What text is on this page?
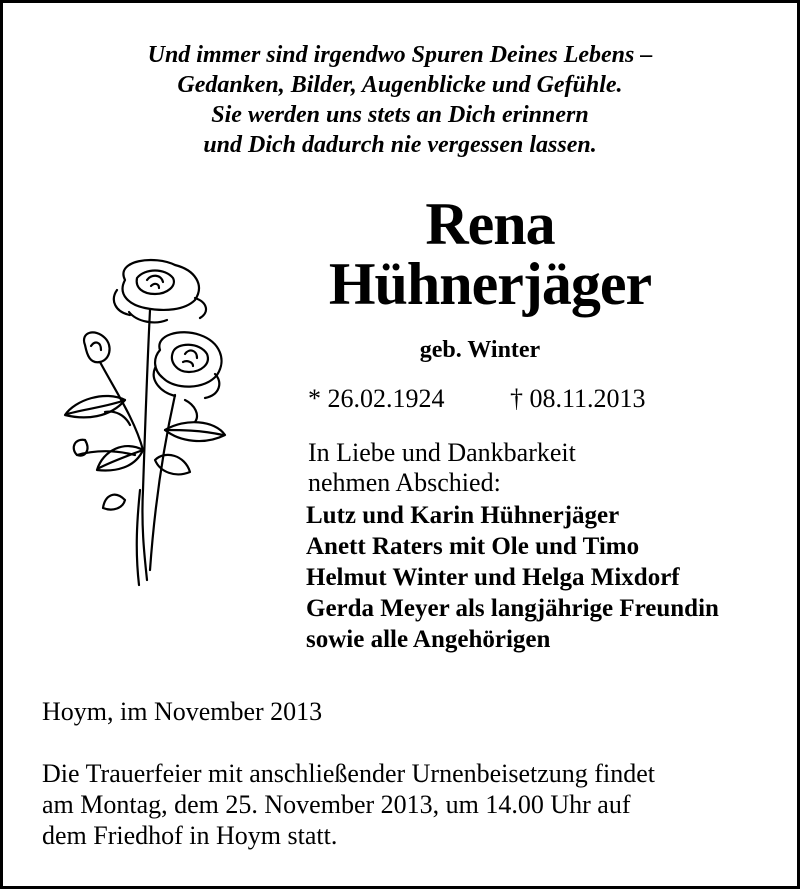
Und immer sind irgendwo Spuren Deines Lebens –
Gedanken, Bilder, Augenblicke und Gefühle.
Sie werden uns stets an Dich erinnern
und Dich dadurch nie vergessen lassen.
Rena
Hühnerjäger
geb. Winter
* 26.02.1924	† 08.11.2013
In Liebe und Dankbarkeit
nehmen Abschied:
Lutz und Karin Hühnerjäger
Anett Raters mit Ole und Timo
Helmut Winter und Helga Mixdorf
Gerda Meyer als langjährige Freundin
sowie alle Angehörigen
Hoym, im November 2013
Die Trauerfeier mit anschließender Urnenbeisetzung findet
am Montag, dem 25. November 2013, um 14.00 Uhr auf
dem Friedhof in Hoym statt.
